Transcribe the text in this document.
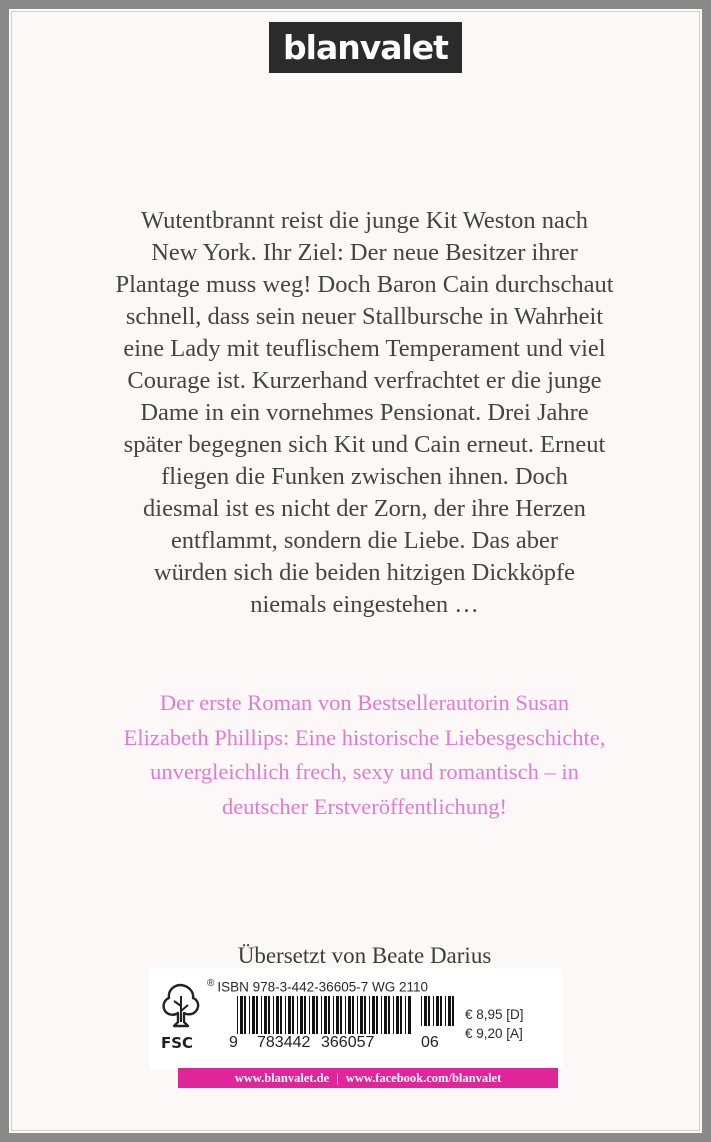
blanvalet
Wutentbrannt reist die junge Kit Weston nach
New York. Ihr Ziel: Der neue Besitzer ihrer
Plantage muss weg! Doch Baron Cain durchschaut
schnell, dass sein neuer Stallbursche in Wahrheit
eine Lady mit teuflischem Temperament und viel
Courage ist. Kurzerhand verfrachtet er die junge
Dame in ein vornehmes Pensionat. Drei Jahre
später begegnen sich Kit und Cain erneut. Erneut
fliegen die Funken zwischen ihnen. Doch
diesmal ist es nicht der Zorn, der ihre Herzen
entflammt, sondern die Liebe. Das aber
würden sich die beiden hitzigen Dickköpfe
niemals eingestehen …
Der erste Roman von Bestsellerautorin Susan
Elizabeth Phillips: Eine historische Liebesgeschichte,
unvergleichlich frech, sexy und romantisch – in
deutscher Erstveröffentlichung!
Übersetzt von Beate Darius
FSC
® ISBN 978-3-442-36605-7 WG 2110
9 783442 366057	06
€ 8,95 [D]
€ 9,20 [A]
www.blanvalet.de | www.facebook.com/blanvalet
